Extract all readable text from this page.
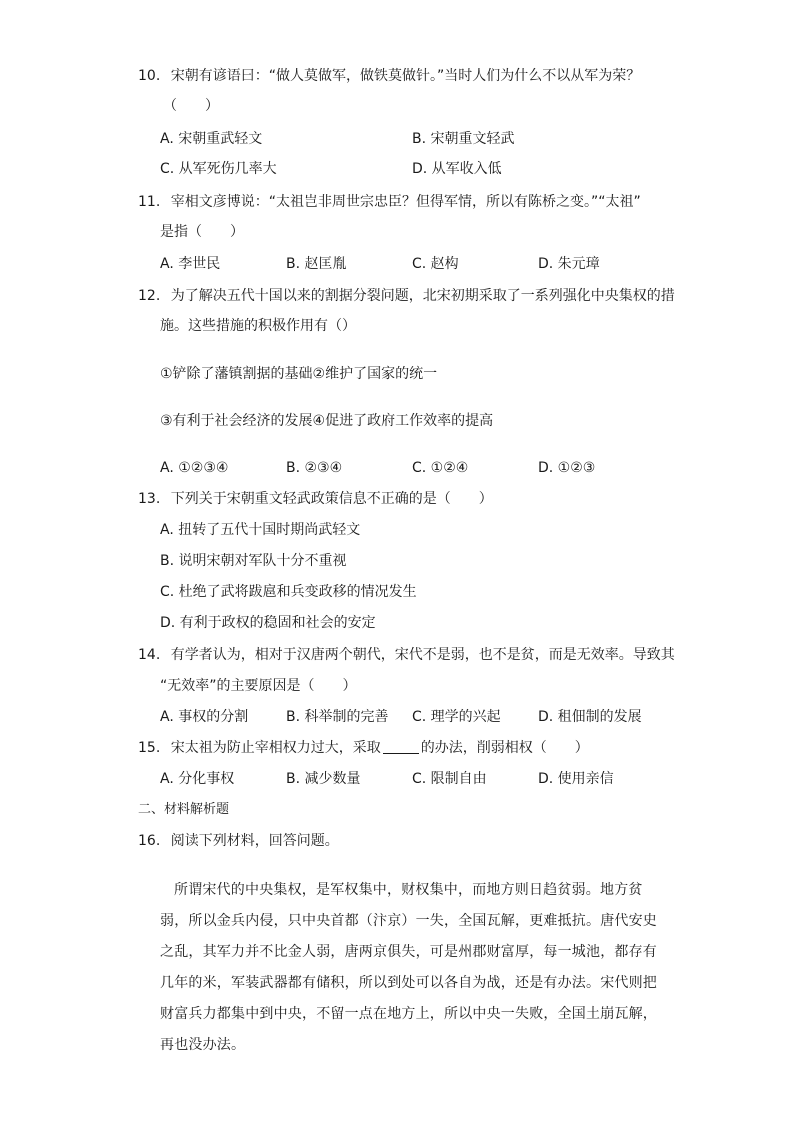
10. 宋朝有谚语曰：“做人莫做军，做铁莫做针。”当时人们为什么不以从军为荣？
（　　）
A. 宋朝重武轻文	B. 宋朝重文轻武
C. 从军死伤几率大	D. 从军收入低
11. 宰相文彦博说：“太祖岂非周世宗忠臣？但得军情，所以有陈桥之变。”“太祖”
是指（　　）
A. 李世民	B. 赵匡胤	C. 赵构	D. 朱元璋
12. 为了解决五代十国以来的割据分裂问题，北宋初期采取了一系列强化中央集权的措
施。这些措施的积极作用有（）
①铲除了藩镇割据的基础②维护了国家的统一
③有利于社会经济的发展④促进了政府工作效率的提高
A. ①②③④	B. ②③④	C. ①②④	D. ①②③
13. 下列关于宋朝重文轻武政策信息不正确的是（　　）
A. 扭转了五代十国时期尚武轻文
B. 说明宋朝对军队十分不重视
C. 杜绝了武将跋扈和兵变政移的情况发生
D. 有利于政权的稳固和社会的安定
14. 有学者认为，相对于汉唐两个朝代，宋代不是弱，也不是贫，而是无效率。导致其
“无效率”的主要原因是（　　）
A. 事权的分割	B. 科举制的完善 C. 理学的兴起	D. 租佃制的发展
15. 宋太祖为防止宰相权力过大，采取	的办法，削弱相权（　　）
A. 分化事权	B. 减少数量	C. 限制自由	D. 使用亲信
二、材料解析题
16. 阅读下列材料，回答问题。

所谓宋代的中央集权，是军权集中，财权集中，而地方则日趋贫弱。地方贫弱，所以金兵内侵，只中央首都（汴京）一失，全国瓦解，更难抵抗。唐代安史之乱，其军力并不比金人弱，唐两京俱失，可是州郡财富厚，每一城池，都存有几年的米，军装武器都有储积，所以到处可以各自为战，还是有办法。宋代则把财富兵力都集中到中央，不留一点在地方上，所以中央一失败，全国土崩瓦解，再也没办法。
